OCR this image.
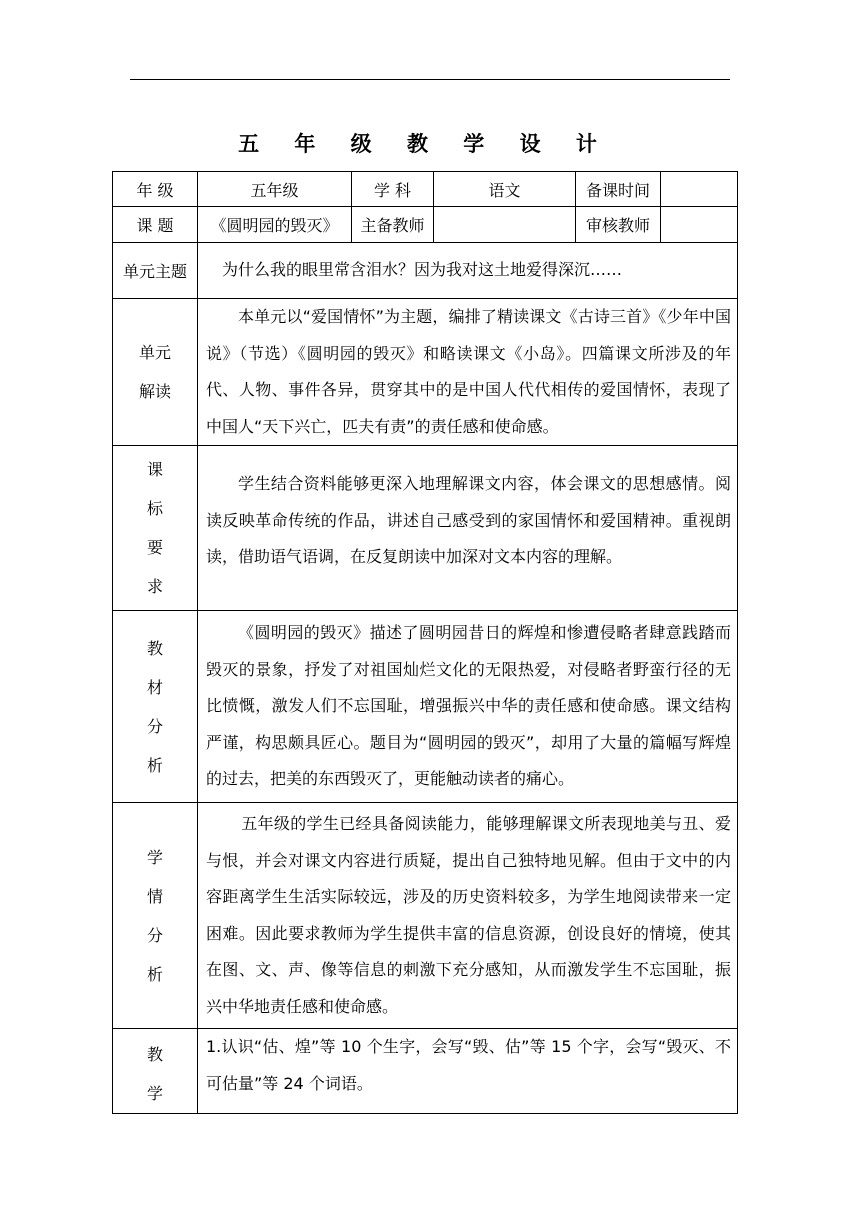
五 年 级 教 学 设 计
年 级	五年级	学 科	语文	备课时间	
课 题	《圆明园的毁灭》	主备教师		审核教师	
单元主题	为什么我的眼里常含泪水？因为我对这土地爱得深沉……				

单元
解读	本单元以“爱国情怀”为主题，编排了精读课文《古诗三首》《少年中国说》（节选）《圆明园的毁灭》和略读课文《小岛》。四篇课文所涉及的年代、人物、事件各异，贯穿其中的是中国人代代相传的爱国情怀，表现了中国人“天下兴亡，匹夫有责”的责任感和使命感。				

课
标
要
求	学生结合资料能够更深入地理解课文内容，体会课文的思想感情。阅读反映革命传统的作品，讲述自己感受到的家国情怀和爱国精神。重视朗读，借助语气语调，在反复朗读中加深对文本内容的理解。				

教
材
分
析	《圆明园的毁灭》描述了圆明园昔日的辉煌和惨遭侵略者肆意践踏而毁灭的景象，抒发了对祖国灿烂文化的无限热爱，对侵略者野蛮行径的无比愤慨，激发人们不忘国耻，增强振兴中华的责任感和使命感。课文结构严谨，构思颇具匠心。题目为“圆明园的毁灭”，却用了大量的篇幅写辉煌的过去，把美的东西毁灭了，更能触动读者的痛心。				

学
情
分
析	五年级的学生已经具备阅读能力，能够理解课文所表现地美与丑、爱与恨，并会对课文内容进行质疑，提出自己独特地见解。但由于文中的内容距离学生生活实际较远，涉及的历史资料较多，为学生地阅读带来一定困难。因此要求教师为学生提供丰富的信息资源，创设良好的情境，使其在图、文、声、像等信息的刺激下充分感知，从而激发学生不忘国耻，振兴中华地责任感和使命感。				

教
学	1.认识“估、煌”等 10 个生字，会写“毁、估”等 15 个字，会写“毁灭、不可估量”等 24 个词语。				
